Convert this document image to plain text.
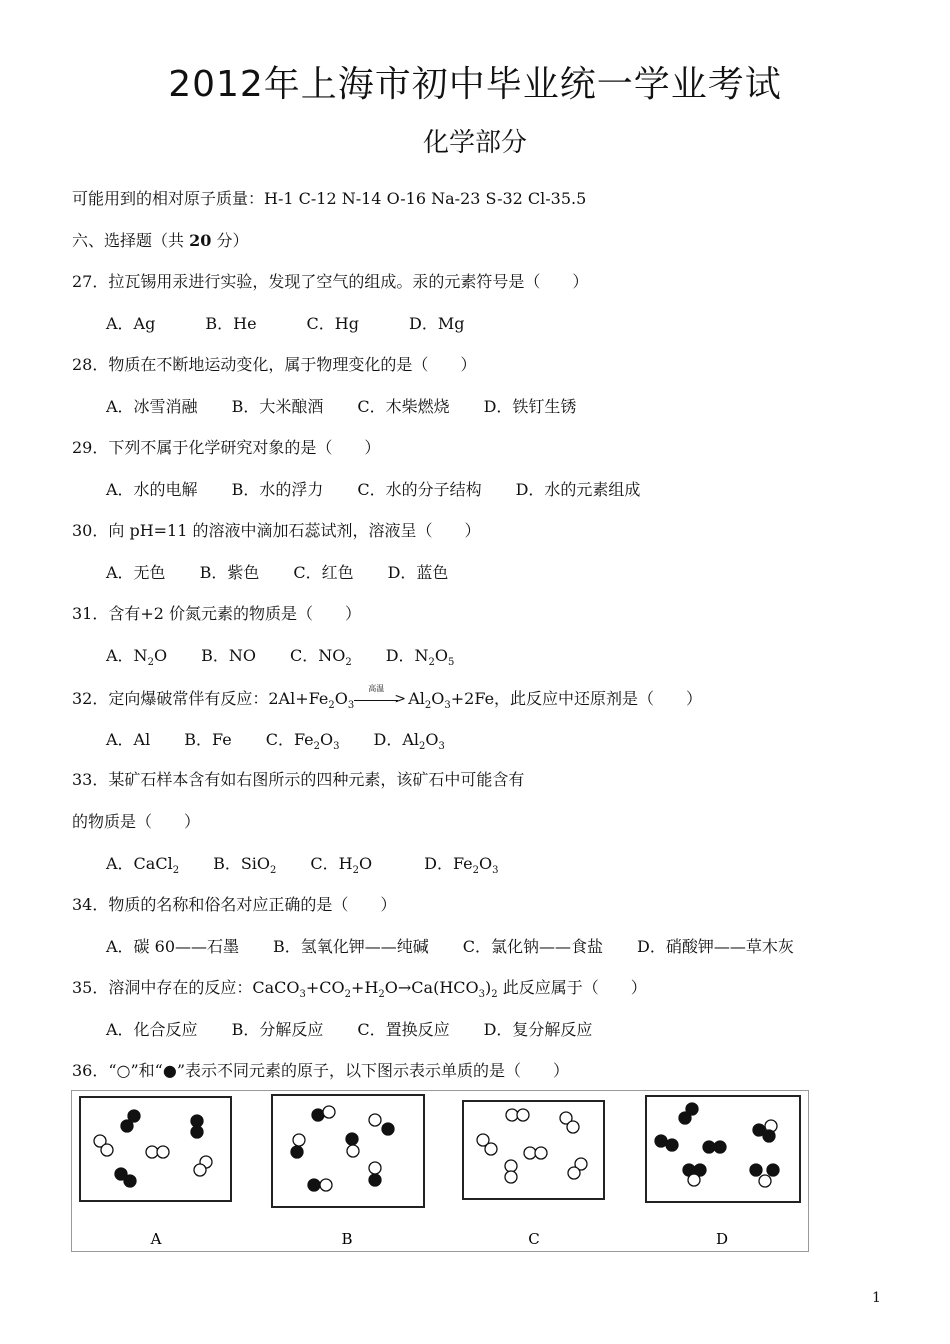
2012年上海市初中毕业统一学业考试
化学部分
可能用到的相对原子质量：H-1 C-12 N-14 O-16 Na-23 S-32 Cl-35.5
六、选择题（共 20 分）
27．拉瓦锡用汞进行实验，发现了空气的组成。汞的元素符号是（　　）
A．Ag	B．He	C．Hg	D．Mg
28．物质在不断地运动变化，属于物理变化的是（　　）
A．冰雪消融 B．大米酿酒 C．木柴燃烧 D．铁钉生锈
29．下列不属于化学研究对象的是（　　）
A．水的电解 B．水的浮力 C．水的分子结构 D．水的元素组成
30．向 pH=11 的溶液中滴加石蕊试剂，溶液呈（　　）
A．无色 B．紫色 C．红色 D．蓝色
31．含有+2 价氮元素的物质是（　　）
A．$N_2O$ B．NO C．$NO_2$ D．$N_2O_5$
32．定向爆破常伴有反应：$2Al+Fe_2O_3$
高温
> $Al_2O_3+2Fe$，此反应中还原剂是（　　）
A．Al B．Fe C．$Fe_2O_3$ D．$Al_2O_3$
33．某矿石样本含有如右图所示的四种元素，该矿石中可能含有
的物质是（　　）
A．CaCl$_2$ B．SiO$_2$ C．$H_2O$	D．$Fe_2O_3$
34．物质的名称和俗名对应正确的是（　　）
A．碳 60——石墨 B．氢氧化钾——纯碱 C．氯化钠——食盐 D．硝酸钾——草木灰
35．溶洞中存在的反应：$CaCO_3+CO_2+H_2O\to Ca(HCO_3)_2$ 此反应属于（　　）
A．化合反应 B．分解反应 C．置换反应 D．复分解反应
36．“○”和“●”表示不同元素的原子，以下图示表示单质的是（　　）
A	B	C	D
1
